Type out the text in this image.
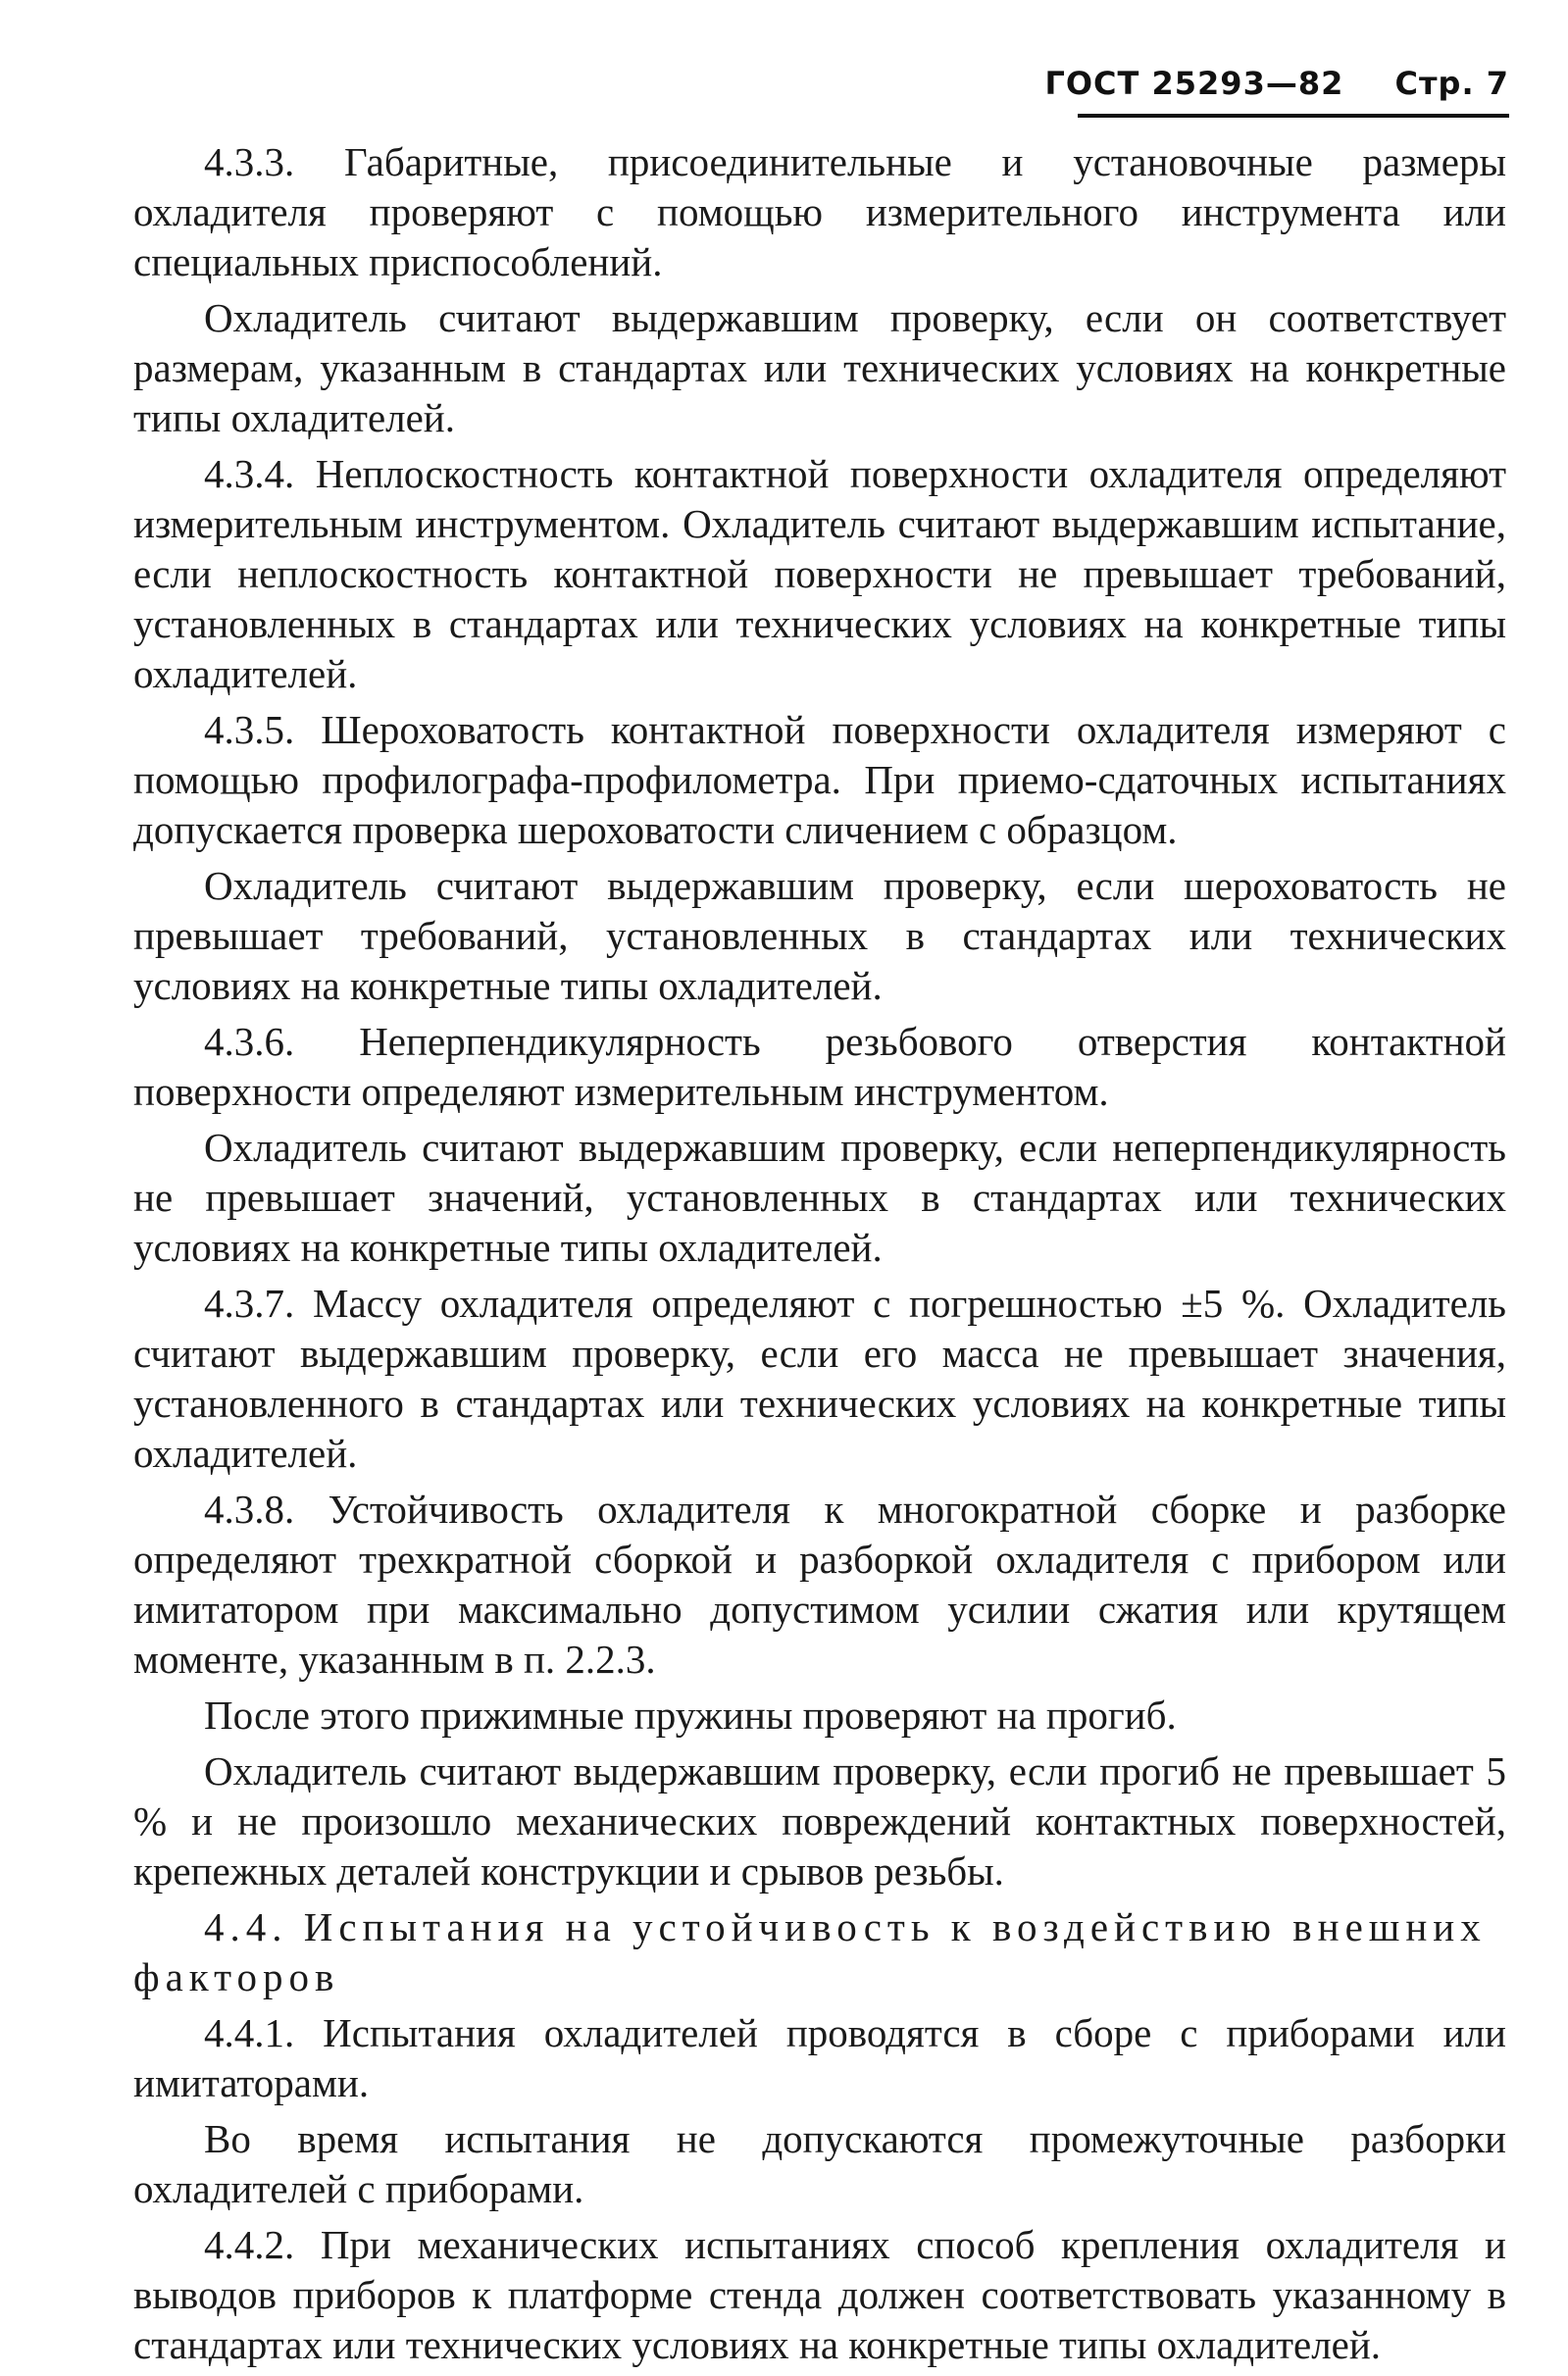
ГОСТ 25293—82 Стр. 7

4.3.3. Габаритные, присоединительные и установочные размеры охладителя проверяют с помощью измерительного инструмента или специальных приспособлений.

Охладитель считают выдержавшим проверку, если он соответствует размерам, указанным в стандартах или технических условиях на конкретные типы охладителей.

4.3.4. Неплоскостность контактной поверхности охладителя определяют измерительным инструментом. Охладитель считают выдержавшим испытание, если неплоскостность контактной поверхности не превышает требований, установленных в стандартах или технических условиях на конкретные типы охладителей.

4.3.5. Шероховатость контактной поверхности охладителя измеряют с помощью профилографа-профилометра. При приемо-сдаточных испытаниях допускается проверка шероховатости сличением с образцом.

Охладитель считают выдержавшим проверку, если шероховатость не превышает требований, установленных в стандартах или технических условиях на конкретные типы охладителей.

4.3.6. Неперпендикулярность резьбового отверстия контактной поверхности определяют измерительным инструментом.

Охладитель считают выдержавшим проверку, если неперпендикулярность не превышает значений, установленных в стандартах или технических условиях на конкретные типы охладителей.

4.3.7. Массу охладителя определяют с погрешностью ±5 %. Охладитель считают выдержавшим проверку, если его масса не превышает значения, установленного в стандартах или технических условиях на конкретные типы охладителей.

4.3.8. Устойчивость охладителя к многократной сборке и разборке определяют трехкратной сборкой и разборкой охладителя с прибором или имитатором при максимально допустимом усилии сжатия или крутящем моменте, указанным в п. 2.2.3.

После этого прижимные пружины проверяют на прогиб.

Охладитель считают выдержавшим проверку, если прогиб не превышает 5 % и не произошло механических повреждений контактных поверхностей, крепежных деталей конструкции и срывов резьбы.

4.4. Испытания на устойчивость к воздействию внешних факторов

4.4.1. Испытания охладителей проводятся в сборе с приборами или имитаторами.

Во время испытания не допускаются промежуточные разборки охладителей с приборами.

4.4.2. При механических испытаниях способ крепления охладителя и выводов приборов к платформе стенда должен соответствовать указанному в стандартах или технических условиях на конкретные типы охладителей.
